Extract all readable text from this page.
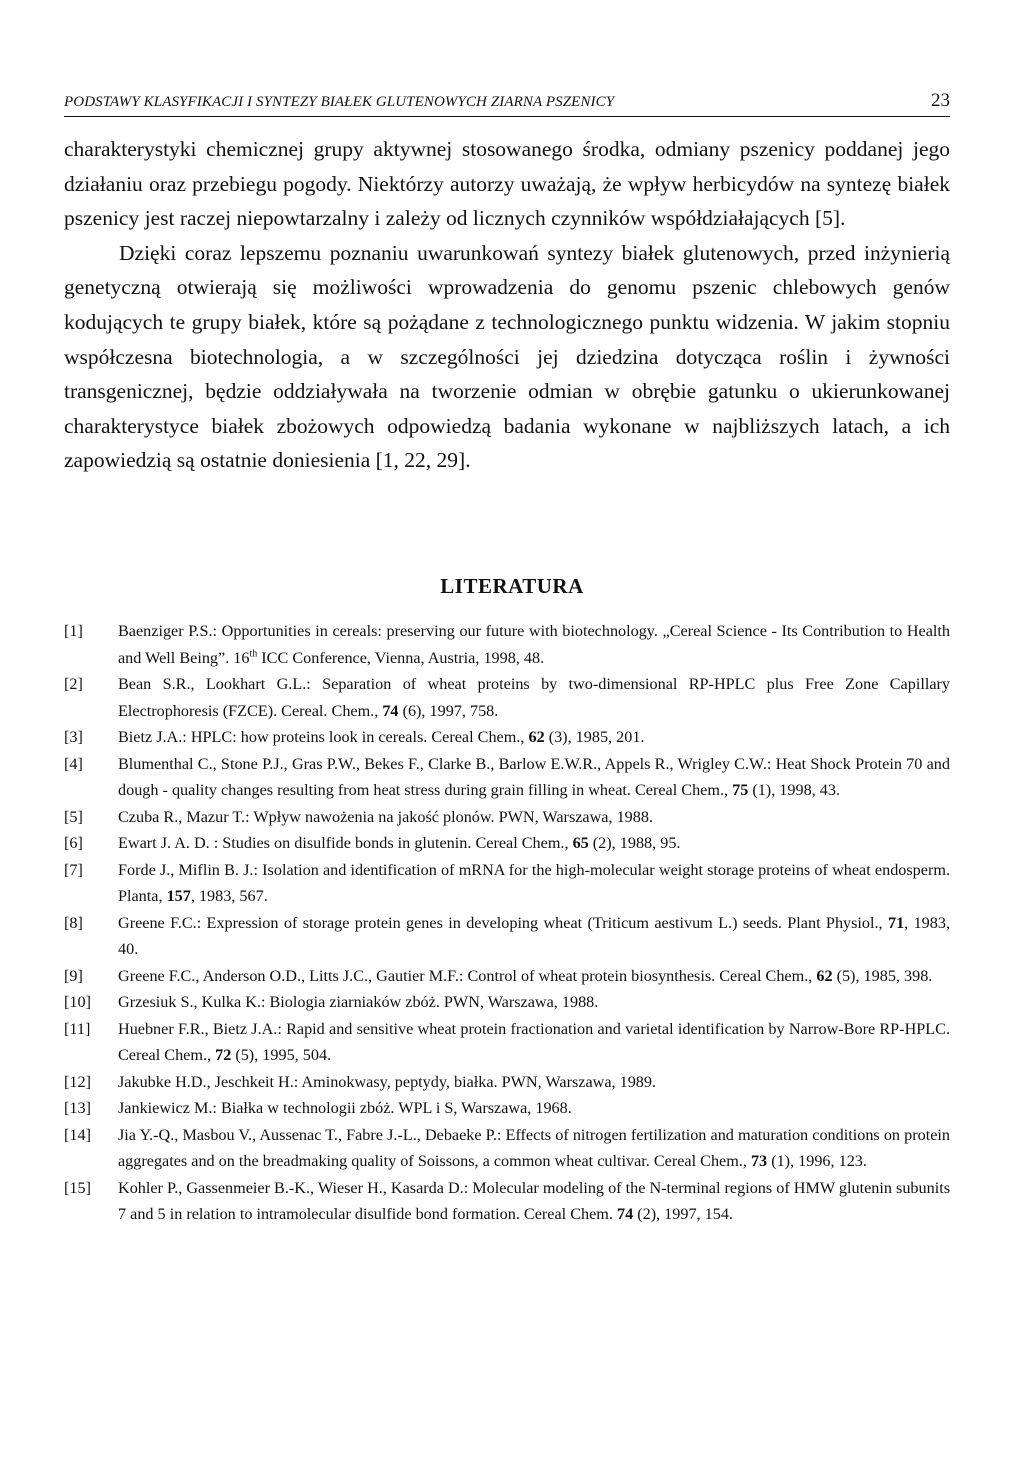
PODSTAWY KLASYFIKACJI I SYNTEZY BIAŁEK GLUTENOWYCH ZIARNA PSZENICY	23

charakterystyki chemicznej grupy aktywnej stosowanego środka, odmiany pszenicy poddanej jego działaniu oraz przebiegu pogody. Niektórzy autorzy uważają, że wpływ herbicydów na syntezę białek pszenicy jest raczej niepowtarzalny i zależy od licznych czynników współdziałających [5].

Dzięki coraz lepszemu poznaniu uwarunkowań syntezy białek glutenowych, przed inżynierią genetyczną otwierają się możliwości wprowadzenia do genomu pszenic chlebowych genów kodujących te grupy białek, które są pożądane z technologicznego punktu widzenia. W jakim stopniu współczesna biotechnologia, a w szczególności jej dziedzina dotycząca roślin i żywności transgenicznej, będzie oddziaływała na tworzenie odmian w obrębie gatunku o ukierunkowanej charakterystyce białek zbożowych odpowiedzą badania wykonane w najbliższych latach, a ich zapowiedzią są ostatnie doniesienia [1, 22, 29].

LITERATURA
[1]	Baenziger P.S.: Opportunities in cereals: preserving our future with biotechnology. „Cereal Science - Its Contribution to Health and Well Being”. 16th ICC Conference, Vienna, Austria, 1998, 48.
[2]	Bean S.R., Lookhart G.L.: Separation of wheat proteins by two-dimensional RP-HPLC plus Free Zone Capillary Electrophoresis (FZCE). Cereal. Chem., 74 (6), 1997, 758.
[3]	Bietz J.A.: HPLC: how proteins look in cereals. Cereal Chem., 62 (3), 1985, 201.
[4]	Blumenthal C., Stone P.J., Gras P.W., Bekes F., Clarke B., Barlow E.W.R., Appels R., Wrigley C.W.: Heat Shock Protein 70 and dough - quality changes resulting from heat stress during grain filling in wheat. Cereal Chem., 75 (1), 1998, 43.
[5]	Czuba R., Mazur T.: Wpływ nawożenia na jakość plonów. PWN, Warszawa, 1988.
[6]	Ewart J. A. D. : Studies on disulfide bonds in glutenin. Cereal Chem., 65 (2), 1988, 95.
[7]	Forde J., Miflin B. J.: Isolation and identification of mRNA for the high-molecular weight storage proteins of wheat endosperm. Planta, 157, 1983, 567.
[8]	Greene F.C.: Expression of storage protein genes in developing wheat (Triticum aestivum L.) seeds. Plant Physiol., 71, 1983, 40.
[9]	Greene F.C., Anderson O.D., Litts J.C., Gautier M.F.: Control of wheat protein biosynthesis. Cereal Chem., 62 (5), 1985, 398.
[10]	Grzesiuk S., Kulka K.: Biologia ziarniaków zbóż. PWN, Warszawa, 1988.
[11]	Huebner F.R., Bietz J.A.: Rapid and sensitive wheat protein fractionation and varietal identification by Narrow-Bore RP-HPLC. Cereal Chem., 72 (5), 1995, 504.
[12]	Jakubke H.D., Jeschkeit H.: Aminokwasy, peptydy, białka. PWN, Warszawa, 1989.
[13]	Jankiewicz M.: Białka w technologii zbóż. WPL i S, Warszawa, 1968.
[14]	Jia Y.-Q., Masbou V., Aussenac T., Fabre J.-L., Debaeke P.: Effects of nitrogen fertilization and maturation conditions on protein aggregates and on the breadmaking quality of Soissons, a common wheat cultivar. Cereal Chem., 73 (1), 1996, 123.
[15]	Kohler P., Gassenmeier B.-K., Wieser H., Kasarda D.: Molecular modeling of the N-terminal regions of HMW glutenin subunits 7 and 5 in relation to intramolecular disulfide bond formation. Cereal Chem. 74 (2), 1997, 154.
